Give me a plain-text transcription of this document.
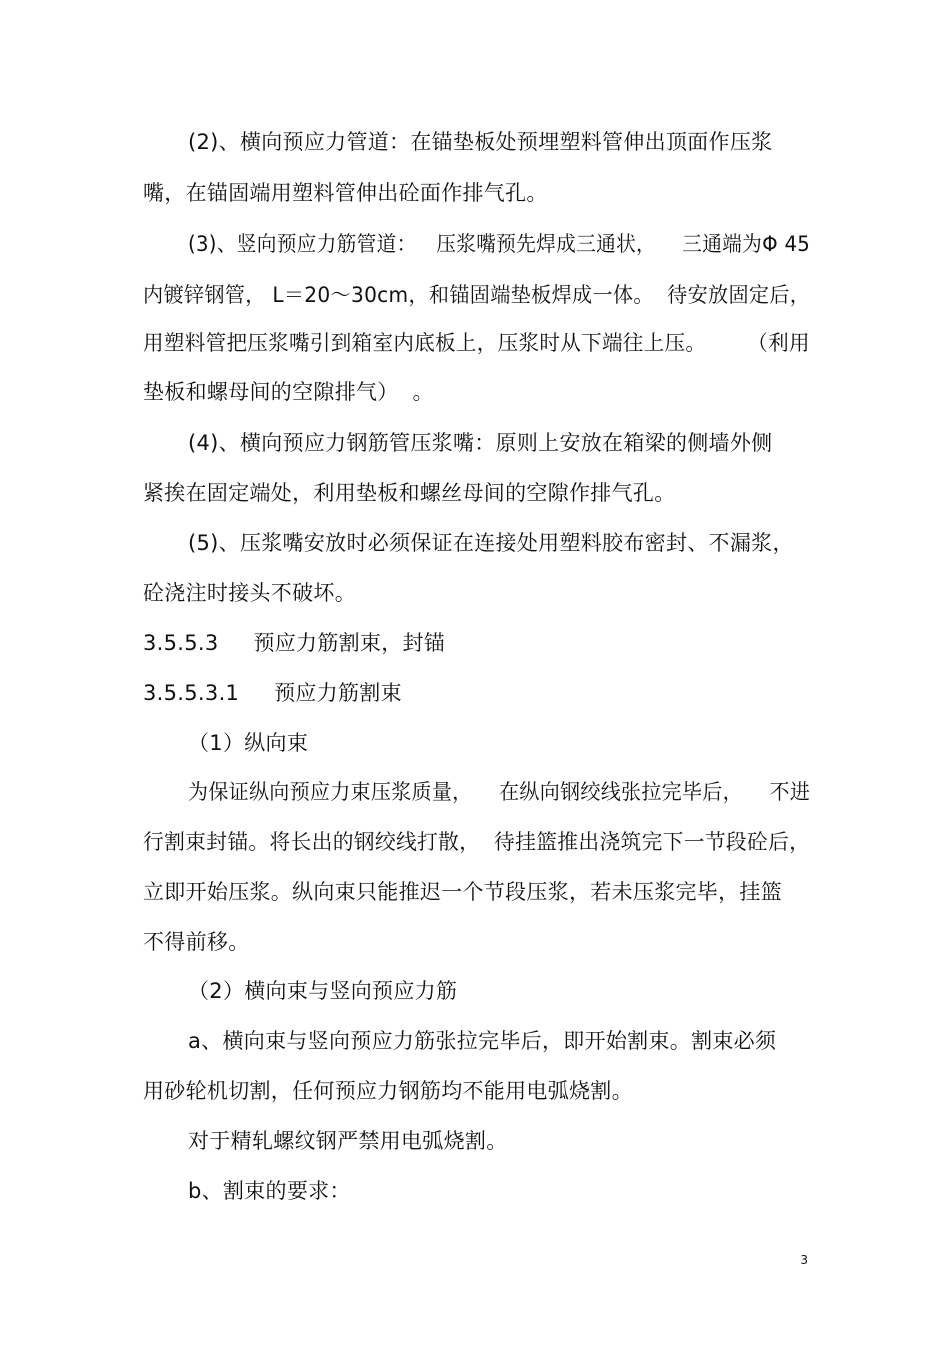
(2)、横向预应力管道：在锚垫板处预埋塑料管伸出顶面作压浆
嘴，在锚固端用塑料管伸出砼面作排气孔。
(3)、竖向预应力筋管道：   压浆嘴预先焊成三通状，    三通端为Φ 45
内镀锌钢管， L＝20～30cm，和锚固端垫板焊成一体。  待安放固定后，
用塑料管把压浆嘴引到箱室内底板上，压浆时从下端往上压。      （利用
垫板和螺母间的空隙排气）  。
(4)、横向预应力钢筋管压浆嘴：原则上安放在箱梁的侧墙外侧
紧挨在固定端处，利用垫板和螺丝母间的空隙作排气孔。
(5)、压浆嘴安放时必须保证在连接处用塑料胶布密封、不漏浆，
砼浇注时接头不破坏。
3.5.5.3     预应力筋割束，封锚
3.5.5.3.1     预应力筋割束
（1）纵向束
为保证纵向预应力束压浆质量，    在纵向钢绞线张拉完毕后，    不进
行割束封锚。将长出的钢绞线打散，  待挂篮推出浇筑完下一节段砼后，
立即开始压浆。纵向束只能推迟一个节段压浆，若未压浆完毕，挂篮
不得前移。
（2）横向束与竖向预应力筋
a、横向束与竖向预应力筋张拉完毕后，即开始割束。割束必须
用砂轮机切割，任何预应力钢筋均不能用电弧烧割。
对于精轧螺纹钢严禁用电弧烧割。
b、割束的要求：
3
